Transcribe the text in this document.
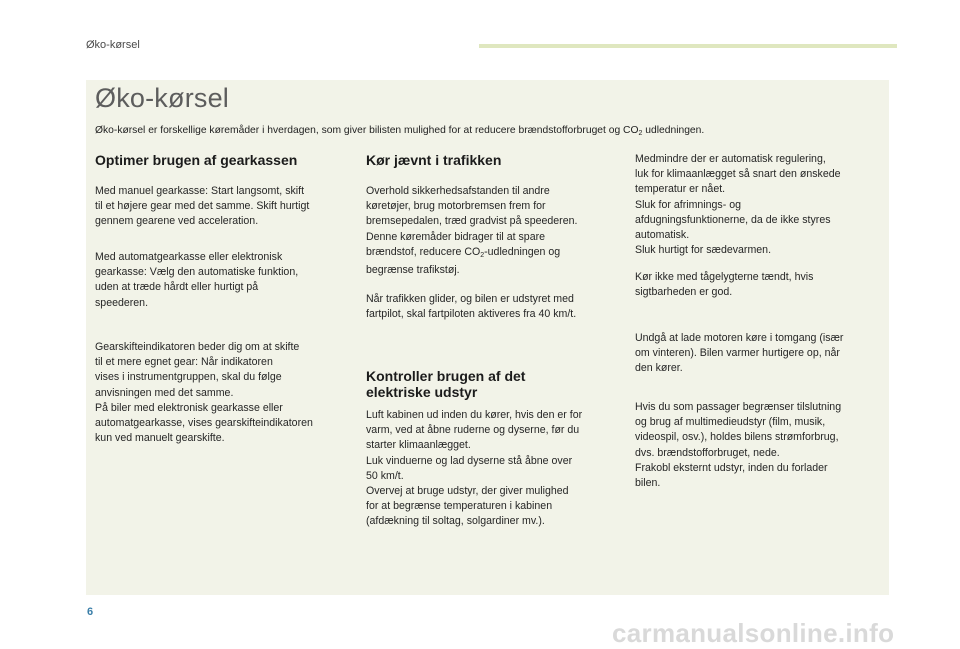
Øko-kørsel
Øko-kørsel
Øko-kørsel er forskellige køremåder i hverdagen, som giver bilisten mulighed for at reducere brændstofforbruget og $CO_2$ udledningen.

Optimer brugen af gearkassen

Med manuel gearkasse: Start langsomt, skift

til et højere gear med det samme. Skift hurtigt

gennem gearene ved acceleration.

Med automatgearkasse eller elektronisk

gearkasse: Vælg den automatiske funktion,

uden at træde hårdt eller hurtigt på

speederen.

Gearskifteindikatoren beder dig om at skifte

til et mere egnet gear: Når indikatoren

vises i instrumentgruppen, skal du følge

anvisningen med det samme.

På biler med elektronisk gearkasse eller

automatgearkasse, vises gearskifteindikatoren

kun ved manuelt gearskifte.

Kør jævnt i trafikken

Overhold sikkerhedsafstanden til andre

køretøjer, brug motorbremsen frem for

bremsepedalen, træd gradvist på speederen.

Denne køremåder bidrager til at spare

brændstof, reducere $CO_2$-udledningen og

begrænse trafikstøj.

Når trafikken glider, og bilen er udstyret med

fartpilot, skal fartpiloten aktiveres fra 40 km/t.

Kontroller brugen af det

elektriske udstyr

Luft kabinen ud inden du kører, hvis den er for

varm, ved at åbne ruderne og dyserne, før du

starter klimaanlægget.

Luk vinduerne og lad dyserne stå åbne over

50 km/t.

Overvej at bruge udstyr, der giver mulighed

for at begrænse temperaturen i kabinen

(afdækning til soltag, solgardiner mv.).

Medmindre der er automatisk regulering,

luk for klimaanlægget så snart den ønskede

temperatur er nået.

Sluk for afrimnings- og

afdugningsfunktionerne, da de ikke styres

automatisk.

Sluk hurtigt for sædevarmen.

Kør ikke med tågelygterne tændt, hvis

sigtbarheden er god.

Undgå at lade motoren køre i tomgang (især

om vinteren). Bilen varmer hurtigere op, når

den kører.

Hvis du som passager begrænser tilslutning

og brug af multimedieudstyr (film, musik,

videospil, osv.), holdes bilens strømforbrug,

dvs. brændstofforbruget, nede.

Frakobl eksternt udstyr, inden du forlader

bilen.

6
carmanualsonline.info
